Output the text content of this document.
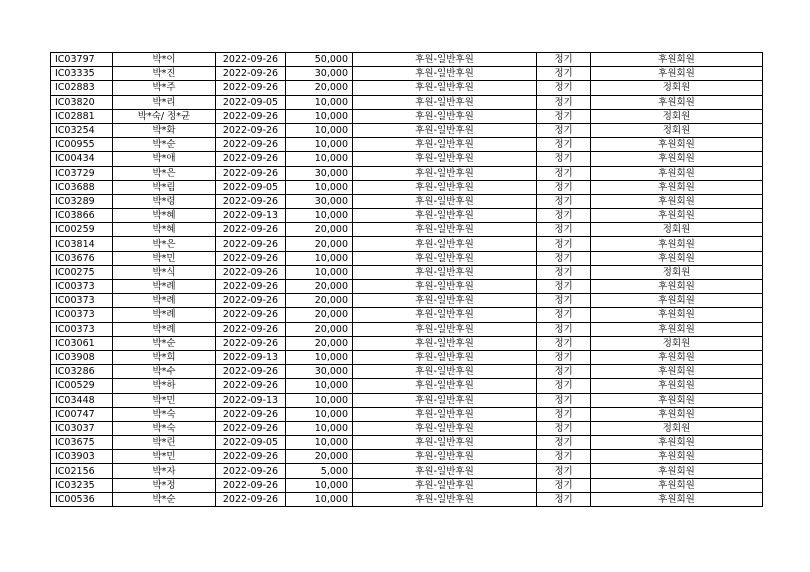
IC03797	박*이	2022-09-26	50,000	후원-일반후원	정기	후원회원
IC03335	박*진	2022-09-26	30,000	후원-일반후원	정기	후원회원
IC02883	박*주	2022-09-26	20,000	후원-일반후원	정기	정회원
IC03820	박*리	2022-09-05	10,000	후원-일반후원	정기	후원회원
IC02881	박*숙/ 정*균	2022-09-26	10,000	후원-일반후원	정기	정회원
IC03254	박*화	2022-09-26	10,000	후원-일반후원	정기	정회원
IC00955	박*순	2022-09-26	10,000	후원-일반후원	정기	후원회원
IC00434	박*애	2022-09-26	10,000	후원-일반후원	정기	후원회원
IC03729	박*은	2022-09-26	30,000	후원-일반후원	정기	후원회원
IC03688	박*림	2022-09-05	10,000	후원-일반후원	정기	후원회원
IC03289	박*령	2022-09-26	30,000	후원-일반후원	정기	후원회원
IC03866	박*혜	2022-09-13	10,000	후원-일반후원	정기	후원회원
IC00259	박*혜	2022-09-26	20,000	후원-일반후원	정기	정회원
IC03814	박*은	2022-09-26	20,000	후원-일반후원	정기	후원회원
IC03676	박*민	2022-09-26	10,000	후원-일반후원	정기	후원회원
IC00275	박*식	2022-09-26	10,000	후원-일반후원	정기	정회원
IC00373	박*례	2022-09-26	20,000	후원-일반후원	정기	후원회원
IC00373	박*례	2022-09-26	20,000	후원-일반후원	정기	후원회원
IC00373	박*례	2022-09-26	20,000	후원-일반후원	정기	후원회원
IC00373	박*례	2022-09-26	20,000	후원-일반후원	정기	후원회원
IC03061	박*순	2022-09-26	20,000	후원-일반후원	정기	정회원
IC03908	박*희	2022-09-13	10,000	후원-일반후원	정기	후원회원
IC03286	박*수	2022-09-26	30,000	후원-일반후원	정기	후원회원
IC00529	박*하	2022-09-26	10,000	후원-일반후원	정기	후원회원
IC03448	박*민	2022-09-13	10,000	후원-일반후원	정기	후원회원
IC00747	박*숙	2022-09-26	10,000	후원-일반후원	정기	후원회원
IC03037	박*숙	2022-09-26	10,000	후원-일반후원	정기	정회원
IC03675	박*린	2022-09-05	10,000	후원-일반후원	정기	후원회원
IC03903	박*민	2022-09-26	20,000	후원-일반후원	정기	후원회원
IC02156	박*자	2022-09-26	5,000	후원-일반후원	정기	후원회원
IC03235	박*정	2022-09-26	10,000	후원-일반후원	정기	후원회원
IC00536	박*순	2022-09-26	10,000	후원-일반후원	정기	후원회원
